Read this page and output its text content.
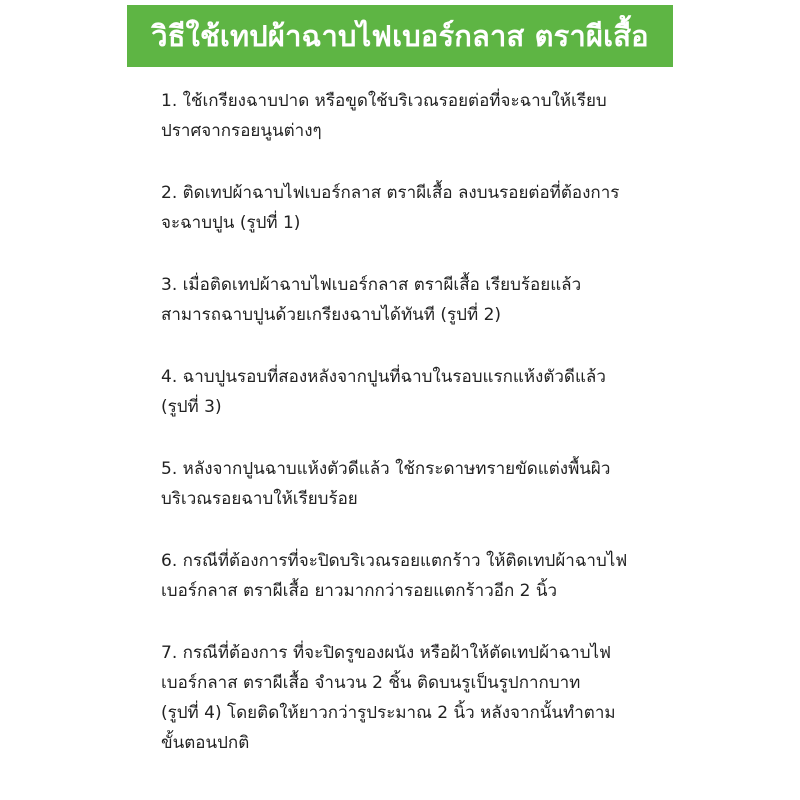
วิธีใช้เทปผ้าฉาบไฟเบอร์กลาส ตราผีเสื้อ
1. ใช้เกรียงฉาบปาด หรือขูดใช้บริเวณรอยต่อที่จะฉาบให้เรียบ
ปราศจากรอยนูนต่างๆ
2. ติดเทปผ้าฉาบไฟเบอร์กลาส ตราผีเสื้อ ลงบนรอยต่อที่ต้องการ
จะฉาบปูน (รูปที่ 1)
3. เมื่อติดเทปผ้าฉาบไฟเบอร์กลาส ตราผีเสื้อ เรียบร้อยแล้ว
สามารถฉาบปูนด้วยเกรียงฉาบได้ทันที (รูปที่ 2)
4. ฉาบปูนรอบที่สองหลังจากปูนที่ฉาบในรอบแรกแห้งตัวดีแล้ว
(รูปที่ 3)
5. หลังจากปูนฉาบแห้งตัวดีแล้ว ใช้กระดาษทรายขัดแต่งพื้นผิว
บริเวณรอยฉาบให้เรียบร้อย
6. กรณีที่ต้องการที่จะปิดบริเวณรอยแตกร้าว ให้ติดเทปผ้าฉาบไฟ
เบอร์กลาส ตราผีเสื้อ ยาวมากกว่ารอยแตกร้าวอีก 2 นิ้ว
7. กรณีที่ต้องการ ที่จะปิดรูของผนัง หรือฝ้าให้ตัดเทปผ้าฉาบไฟ
เบอร์กลาส ตราผีเสื้อ จำนวน 2 ชิ้น ติดบนรูเป็นรูปกากบาท
(รูปที่ 4) โดยติดให้ยาวกว่ารูประมาณ 2 นิ้ว หลังจากนั้นทำตาม
ขั้นตอนปกติ
